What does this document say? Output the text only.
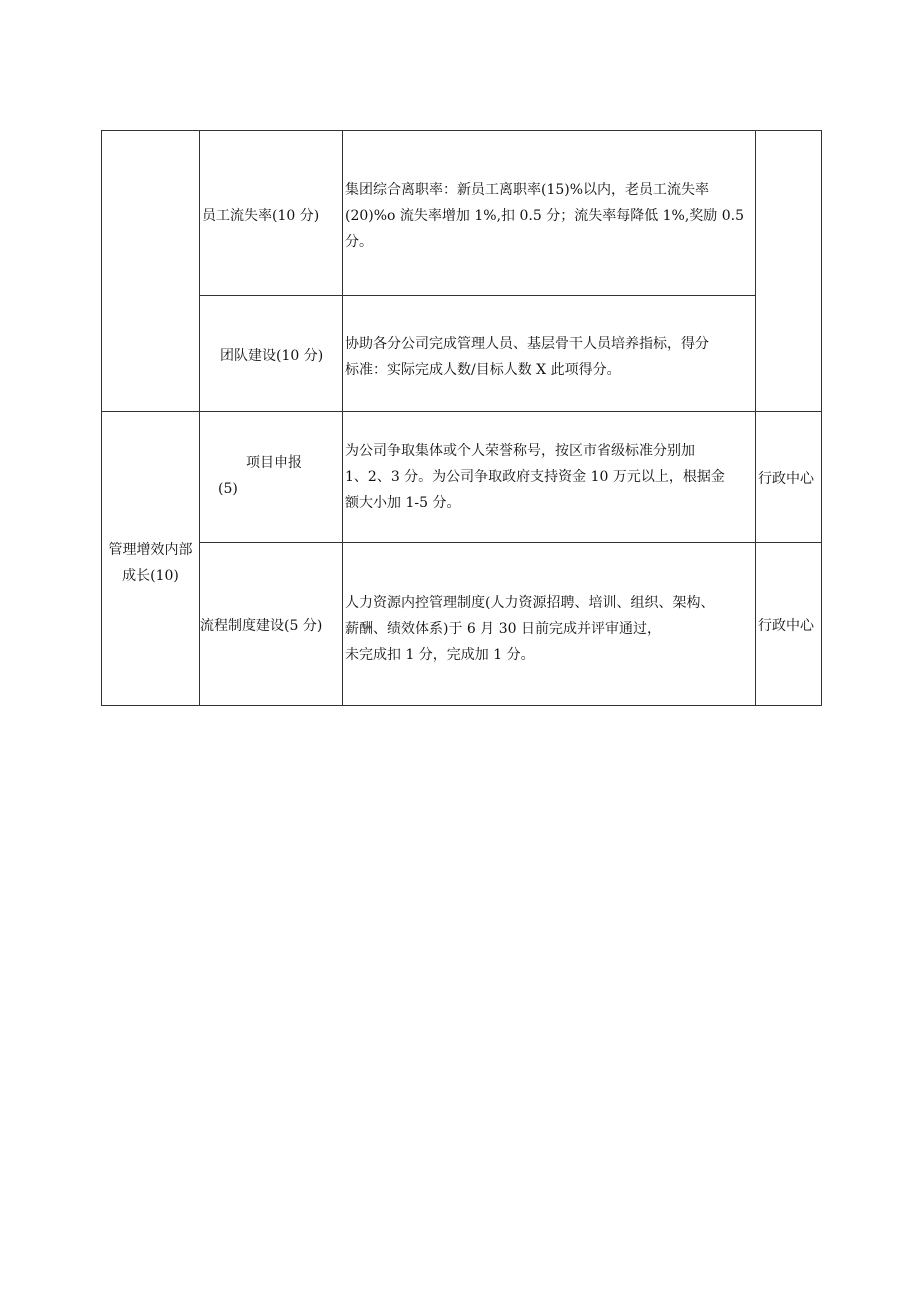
员工流失率(10 分)
集团综合离职率：新员工离职率(15)%以内，老员工流失率
(20)%o 流失率增加 1%,扣 0.5 分；流失率每降低 1%,奖励 0.5
分。
团队建设(10 分)
协助各分公司完成管理人员、基层骨干人员培养指标，得分
标准：实际完成人数/目标人数 X 此项得分。
管理增效内部
成长(10)
项目申报
(5)
为公司争取集体或个人荣誉称号，按区市省级标准分别加
1、2、3 分。为公司争取政府支持资金 10 万元以上，根据金
额大小加 1-5 分。
行政中心
流程制度建设(5 分)
人力资源内控管理制度(人力资源招聘、培训、组织、架构、
薪酬、绩效体系)于 6 月 30 日前完成并评审通过，
未完成扣 1 分，完成加 1 分。
行政中心
